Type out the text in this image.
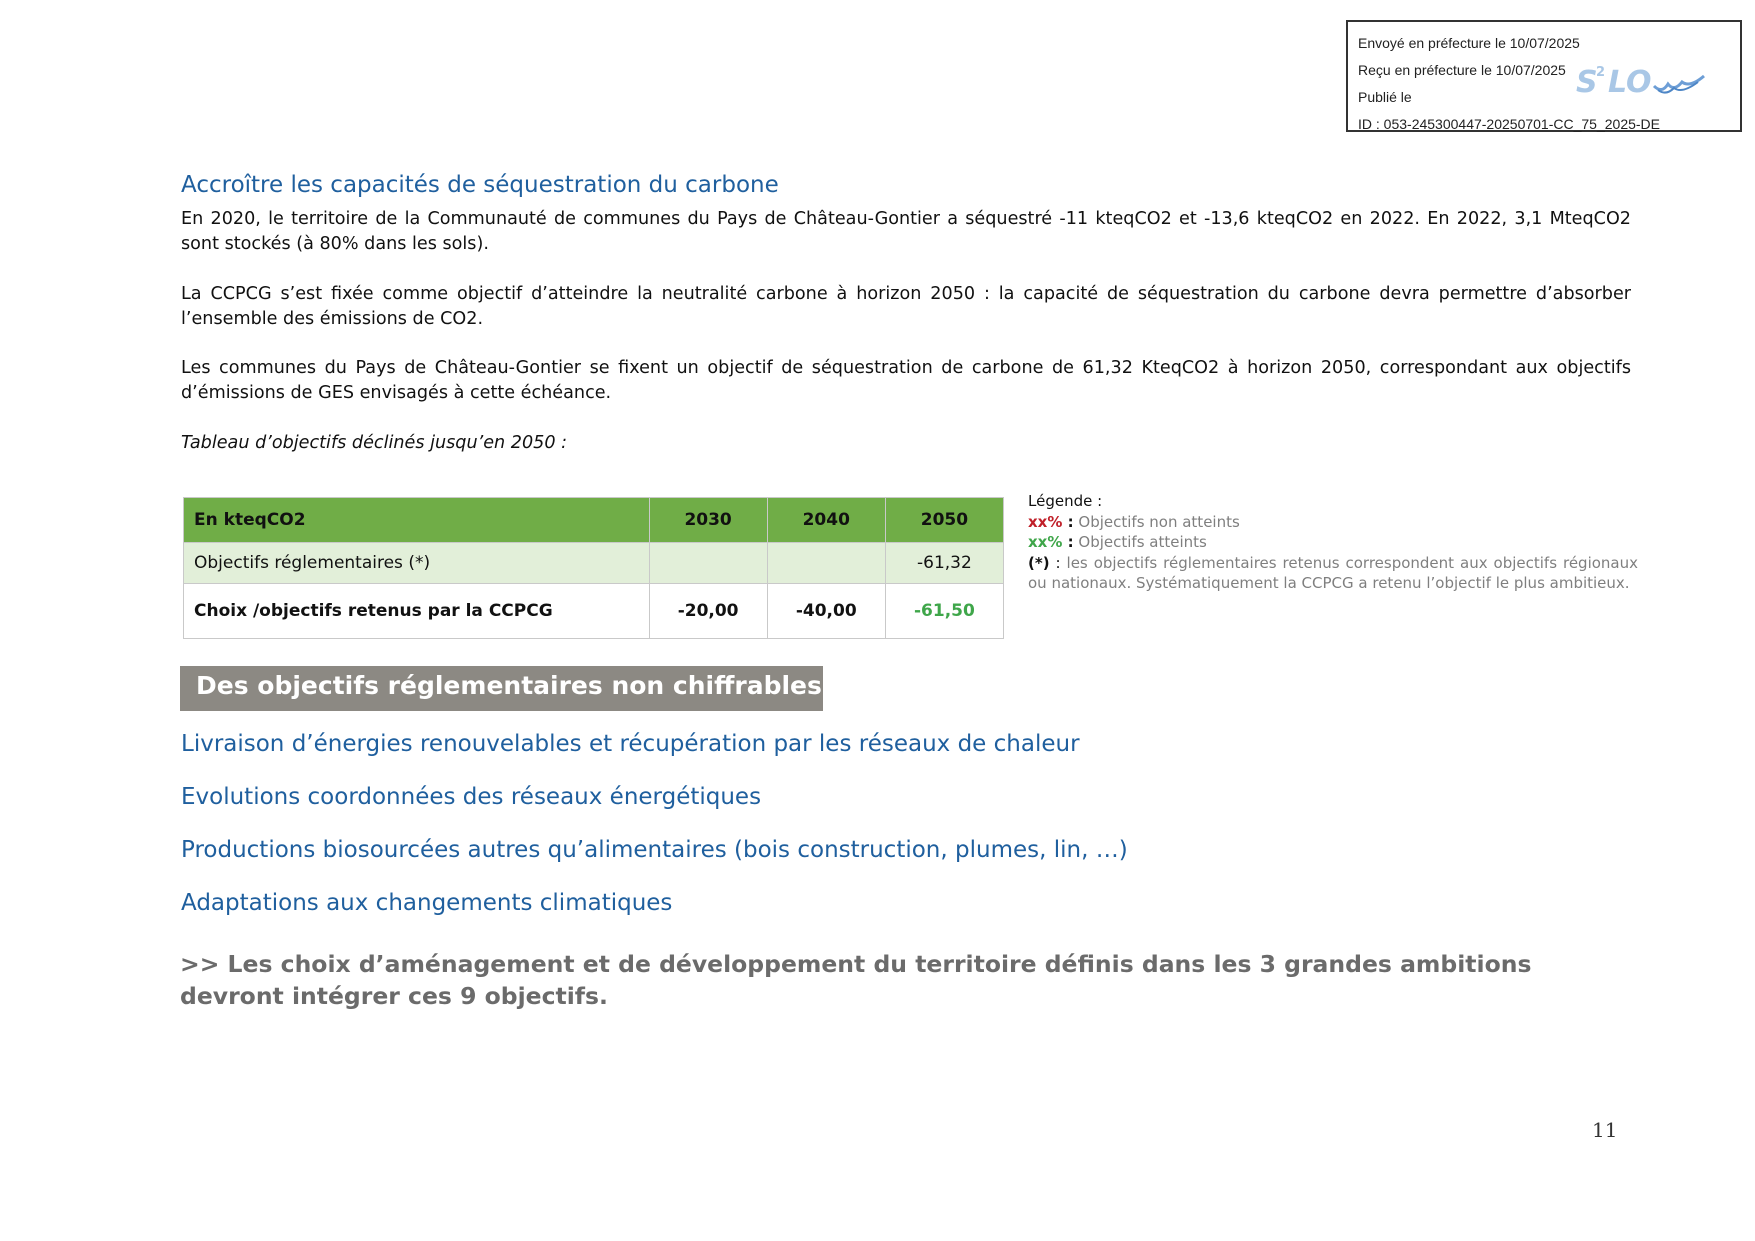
Envoyé en préfecture le 10/07/2025
Reçu en préfecture le 10/07/2025
Publié le
ID : 053-245300447-20250701-CC_75_2025-DE
S
2 LO
Accroître les capacités de séquestration du carbone

En 2020, le territoire de la Communauté de communes du Pays de Château-Gontier a séquestré -11 kteqCO2 et -13,6 kteqCO2 en 2022. En 2022, 3,1 MteqCO2 sont stockés (à 80% dans les sols).

La CCPCG s’est fixée comme objectif d’atteindre la neutralité carbone à horizon 2050 : la capacité de séquestration du carbone devra permettre d’absorber l’ensemble des émissions de CO2.

Les communes du Pays de Château-Gontier se fixent un objectif de séquestration de carbone de 61,32 KteqCO2 à horizon 2050, correspondant aux objectifs d’émissions de GES envisagés à cette échéance.

Tableau d’objectifs déclinés jusqu’en 2050 :

En kteqCO2	2030	2040	2050
Objectifs réglementaires (*)			-61,32
Choix /objectifs retenus par la CCPCG	-20,00	-40,00	-61,50
Légende :
xx% : Objectifs non atteints
xx% : Objectifs atteints
(*) : les objectifs réglementaires retenus correspondent aux objectifs régionaux ou nationaux. Systématiquement la CCPCG a retenu l’objectif le plus ambitieux.
Des objectifs réglementaires non chiffrables
Livraison d’énergies renouvelables et récupération par les réseaux de chaleur
Evolutions coordonnées des réseaux énergétiques
Productions biosourcées autres qu’alimentaires (bois construction, plumes, lin, …)
Adaptations aux changements climatiques
>> Les choix d’aménagement et de développement du territoire définis dans les 3 grandes ambitions devront intégrer ces 9 objectifs.
11
